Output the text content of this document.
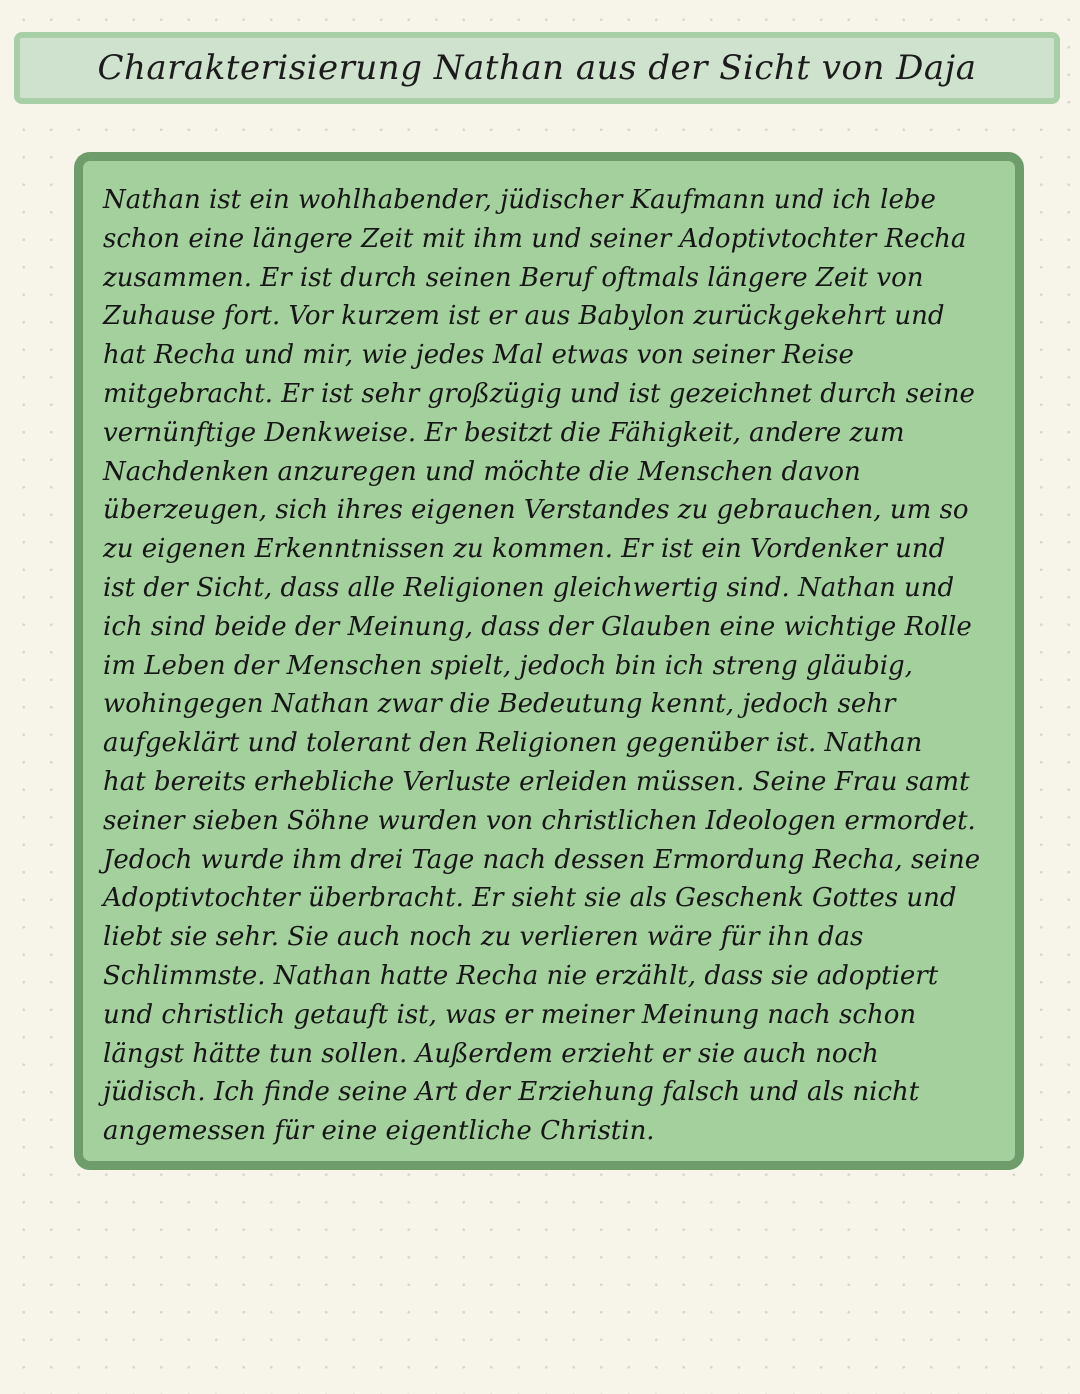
Charakterisierung Nathan aus der Sicht von Daja
Nathan ist ein wohlhabender, jüdischer Kaufmann und ich lebe
schon eine längere Zeit mit ihm und seiner Adoptivtochter Recha
zusammen. Er ist durch seinen Beruf oftmals längere Zeit von
Zuhause fort. Vor kurzem ist er aus Babylon zurückgekehrt und
hat Recha und mir, wie jedes Mal etwas von seiner Reise
mitgebracht. Er ist sehr großzügig und ist gezeichnet durch seine
vernünftige Denkweise. Er besitzt die Fähigkeit, andere zum
Nachdenken anzuregen und möchte die Menschen davon
überzeugen, sich ihres eigenen Verstandes zu gebrauchen, um so
zu eigenen Erkenntnissen zu kommen. Er ist ein Vordenker und
ist der Sicht, dass alle Religionen gleichwertig sind. Nathan und
ich sind beide der Meinung, dass der Glauben eine wichtige Rolle
im Leben der Menschen spielt, jedoch bin ich streng gläubig,
wohingegen Nathan zwar die Bedeutung kennt, jedoch sehr
aufgeklärt und tolerant den Religionen gegenüber ist. Nathan
hat bereits erhebliche Verluste erleiden müssen. Seine Frau samt
seiner sieben Söhne wurden von christlichen Ideologen ermordet.
Jedoch wurde ihm drei Tage nach dessen Ermordung Recha, seine
Adoptivtochter überbracht. Er sieht sie als Geschenk Gottes und
liebt sie sehr. Sie auch noch zu verlieren wäre für ihn das
Schlimmste. Nathan hatte Recha nie erzählt, dass sie adoptiert
und christlich getauft ist, was er meiner Meinung nach schon
längst hätte tun sollen. Außerdem erzieht er sie auch noch
jüdisch. Ich finde seine Art der Erziehung falsch und als nicht
angemessen für eine eigentliche Christin.
